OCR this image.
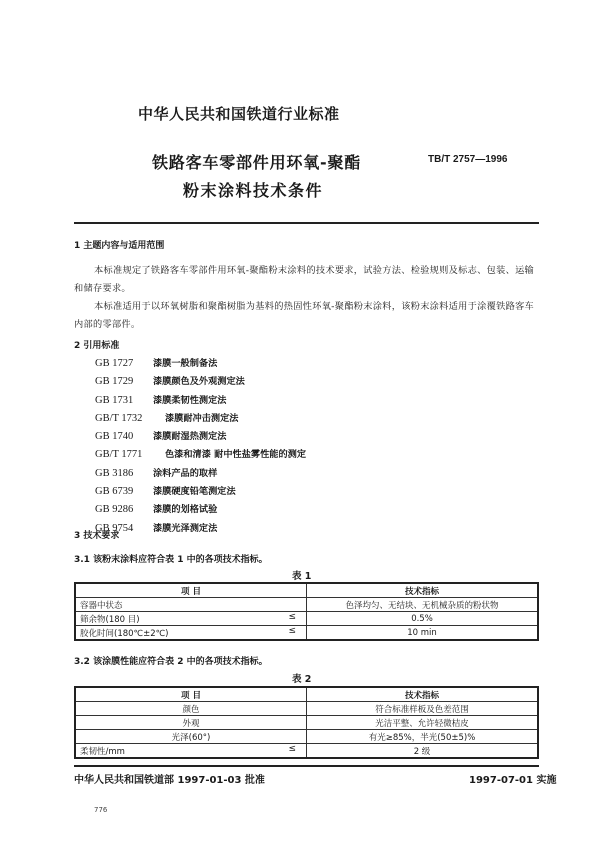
中华人民共和国铁道行业标准
铁路客车零部件用环氧-聚酯
粉末涂料技术条件
TB/T 2757—1996
1 主题内容与适用范围
本标准规定了铁路客车零部件用环氧-聚酯粉末涂料的技术要求，试验方法、检验规则及标志、包装、运输和储存要求。
本标准适用于以环氧树脂和聚酯树脂为基料的热固性环氧-聚酯粉末涂料，该粉末涂料适用于涂覆铁路客车内部的零部件。
2 引用标准
GB 1727 漆膜一般制备法
GB 1729 漆膜颜色及外观测定法
GB 1731 漆膜柔韧性测定法
GB/T 1732 漆膜耐冲击测定法
GB 1740 漆膜耐湿热测定法
GB/T 1771 色漆和清漆 耐中性盐雾性能的测定
GB 3186 涂料产品的取样
GB 6739 漆膜硬度铅笔测定法
GB 9286 漆膜的划格试验
GB 9754 漆膜光泽测定法
3 技术要求
3.1 该粉末涂料应符合表 1 中的各项技术指标。
表 1
项 目	技术指标
容器中状态	色泽均匀、无结块、无机械杂质的粉状物
筛余物(180 目) ≤	0.5%
胶化时间(180℃±2℃) ≤	10 min
3.2 该涂膜性能应符合表 2 中的各项技术指标。
表 2
项 目	技术指标
颜色	符合标准样板及色差范围
外观	光洁平整、允许轻微桔皮
光泽(60°)	有光≥85%，半光(50±5)%
柔韧性/mm ≤	2 级
中华人民共和国铁道部 1997-01-03 批准	1997-07-01 实施
776
